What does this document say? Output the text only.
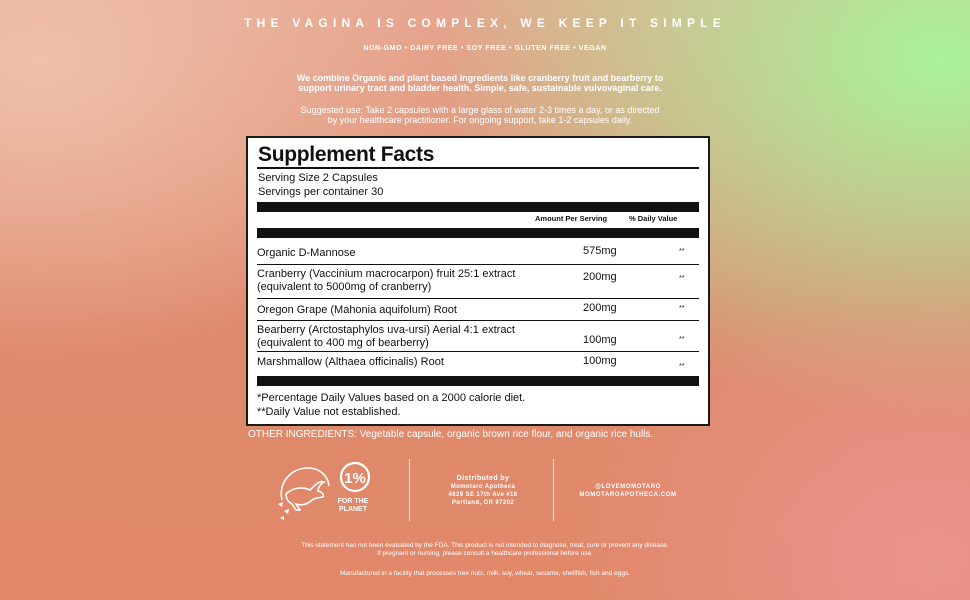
THE VAGINA IS COMPLEX, WE KEEP IT SIMPLE
NON-GMO • DAIRY FREE • SOY FREE • GLUTEN FREE • VEGAN
We combine Organic and plant based ingredients like cranberry fruit and bearberry to
support urinary tract and bladder health. Simple, safe, sustainable vulvovaginal care.
Suggested use: Take 2 capsules with a large glass of water 2-3 times a day, or as directed
by your healthcare practitioner. For ongoing support, take 1-2 capsules daily.
Supplement Facts
Serving Size 2 Capsules
Servings per container 30
Amount Per Serving	% Daily Value
Organic D-Mannose	575mg	**
Cranberry (Vaccinium macrocarpon) fruit 25:1 extract
(equivalent to 5000mg of cranberry)
200mg	**
Oregon Grape (Mahonia aquifolum) Root	200mg	**
Bearberry (Arctostaphylos uva-ursi) Aerial 4:1 extract
(equivalent to 400 mg of bearberry)	100mg	**
Marshmallow (Althaea officinalis) Root	100mg	**
*Percentage Daily Values based on a 2000 calorie diet.
**Daily Value not established.
OTHER INGREDIENTS: Vegetable capsule, organic brown rice flour, and organic rice hulls.
1%
FOR THE
PLANET
Distributed by
Momotaro Apotheca
4629 SE 17th Ave #16
Portland, OR 97202
@LOVEMOMOTARO
MOMOTAROAPOTHECA.COM
This statement has not been evaluated by the FDA. This product is not intended to diagnose, treat, cure or prevent any disease.
If pregnant or nursing, please consult a healthcare professional before use.
Manufactured in a facility that processes tree nuts, milk, soy, wheat, sesame, shellfish, fish and eggs.
